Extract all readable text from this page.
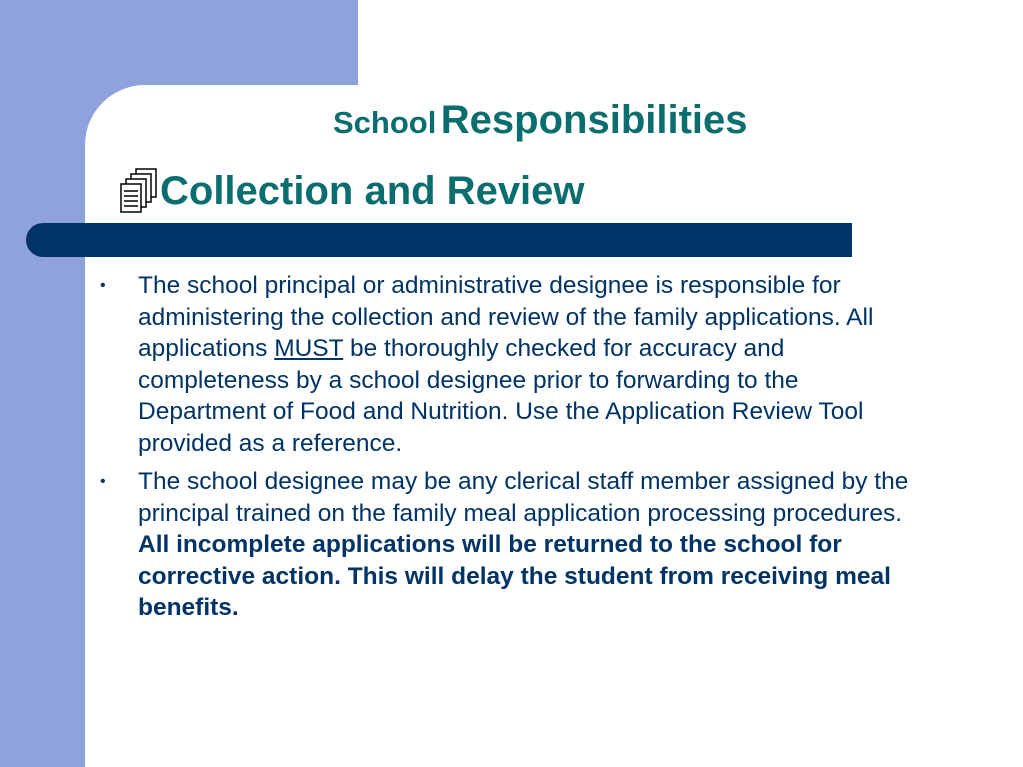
School Responsibilities
Collection and Review
• The school principal or administrative designee is responsible for administering the collection and review of the family applications. All applications MUST be thoroughly checked for accuracy and completeness by a school designee prior to forwarding to the Department of Food and Nutrition. Use the Application Review Tool provided as a reference.
• The school designee may be any clerical staff member assigned by the principal trained on the family meal application processing procedures. All incomplete applications will be returned to the school for corrective action. This will delay the student from receiving meal benefits.
